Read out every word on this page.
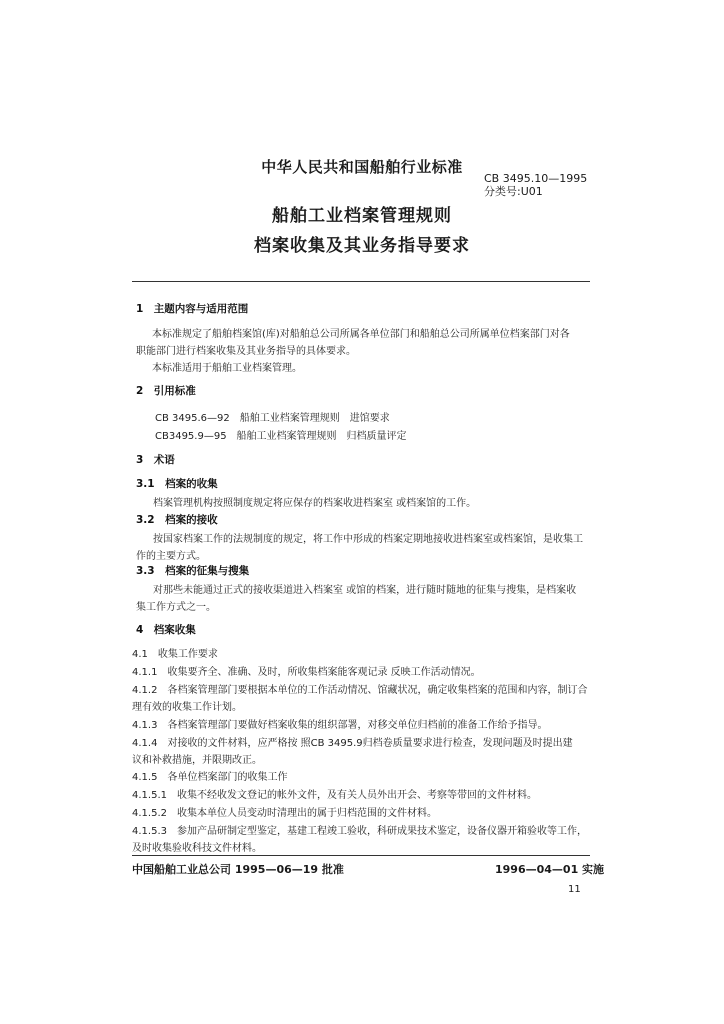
中华人民共和国船舶行业标准
CB 3495.10—1995
分类号:U01
船舶工业档案管理规则
档案收集及其业务指导要求
1　主题内容与适用范围
本标准规定了船舶档案馆(库)对船舶总公司所属各单位部门和船舶总公司所属单位档案部门对各
职能部门进行档案收集及其业务指导的具体要求。
本标准适用于船舶工业档案管理。
2　引用标准
CB 3495.6—92　船舶工业档案管理规则　进馆要求
CB3495.9—95　船舶工业档案管理规则　归档质量评定
3　术语
3.1　档案的收集
档案管理机构按照制度规定将应保存的档案收进档案室 或档案馆的工作。
3.2　档案的接收
按国家档案工作的法规制度的规定，将工作中形成的档案定期地接收进档案室或档案馆，是收集工
作的主要方式。
3.3　档案的征集与搜集
对那些未能通过正式的接收渠道进入档案室 或馆的档案，进行随时随地的征集与搜集，是档案收
集工作方式之一。
4　档案收集
4.1　收集工作要求
4.1.1　收集要齐全、准确、及时，所收集档案能客观记录 反映工作活动情况。
4.1.2　各档案管理部门要根据本单位的工作活动情况、馆藏状况，确定收集档案的范围和内容，制订合
理有效的收集工作计划。
4.1.3　各档案管理部门要做好档案收集的组织部署，对移交单位归档前的准备工作给予指导。
4.1.4　对接收的文件材料，应严格按 照CB 3495.9归档卷质量要求进行检查，发现问题及时提出建
议和补救措施，并限期改正。
4.1.5　各单位档案部门的收集工作
4.1.5.1　收集不经收发文登记的帐外文件，及有关人员外出开会、考察等带回的文件材料。
4.1.5.2　收集本单位人员变动时清理出的属于归档范围的文件材料。
4.1.5.3　参加产品研制定型鉴定，基建工程竣工验收，科研成果技术鉴定，设备仪器开箱验收等工作，
及时收集验收科技文件材料。
中国船舶工业总公司 1995—06—19 批准	1996—04—01 实施
11
